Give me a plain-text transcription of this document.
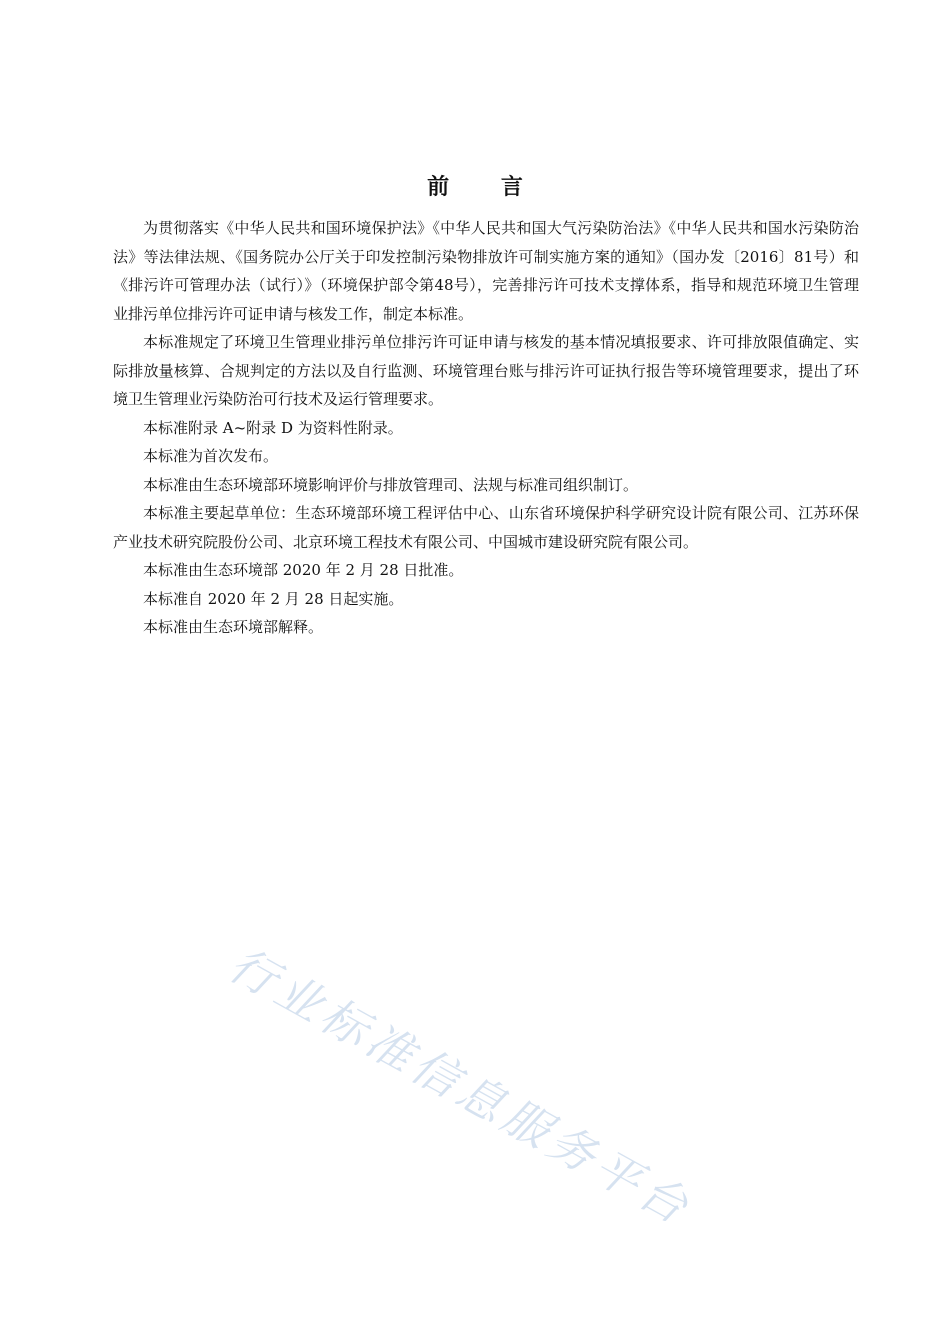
前 言

为贯彻落实《中华人民共和国环境保护法》《中华人民共和国大气污染防治法》《中华人民共和国水污染防治法》等法律法规、《国务院办公厅关于印发控制污染物排放许可制实施方案的通知》（国办发〔2016〕81号）和《排污许可管理办法（试行）》（环境保护部令第48号），完善排污许可技术支撑体系，指导和规范环境卫生管理业排污单位排污许可证申请与核发工作，制定本标准。

本标准规定了环境卫生管理业排污单位排污许可证申请与核发的基本情况填报要求、许可排放限值确定、实际排放量核算、合规判定的方法以及自行监测、环境管理台账与排污许可证执行报告等环境管理要求，提出了环境卫生管理业污染防治可行技术及运行管理要求。

本标准附录 A~附录 D 为资料性附录。

本标准为首次发布。

本标准由生态环境部环境影响评价与排放管理司、法规与标准司组织制订。

本标准主要起草单位：生态环境部环境工程评估中心、山东省环境保护科学研究设计院有限公司、江苏环保产业技术研究院股份公司、北京环境工程技术有限公司、中国城市建设研究院有限公司。

本标准由生态环境部 2020 年 2 月 28 日批准。

本标准自 2020 年 2 月 28 日起实施。

本标准由生态环境部解释。

行业标准信息服务平台
